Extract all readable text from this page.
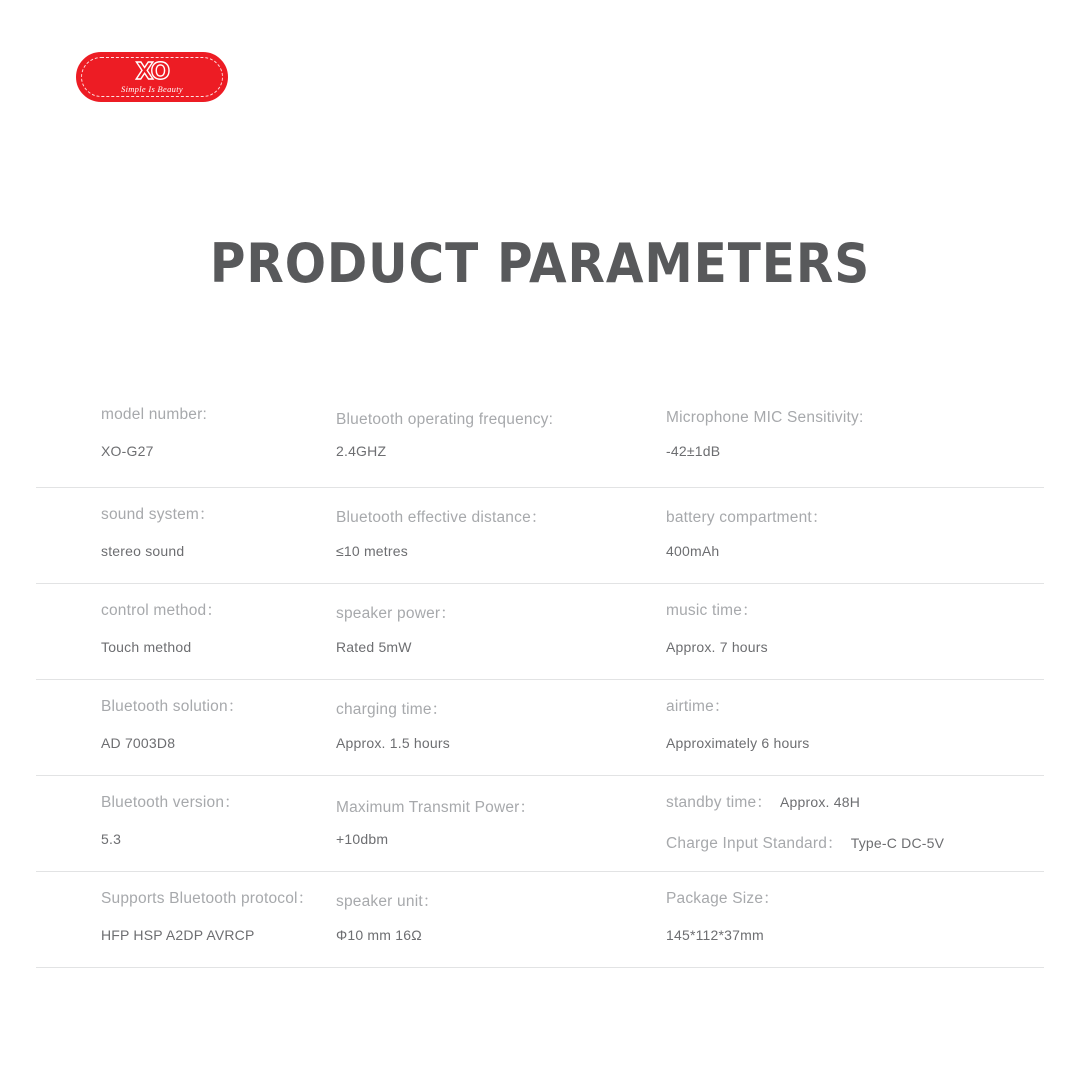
XO
Simple Is Beauty
PRODUCT PARAMETERS
model number:
XO-G27
Bluetooth operating frequency:
2.4GHZ
Microphone MIC Sensitivity:
-42±1dB
sound system：
stereo sound
Bluetooth effective distance：
≤10 metres
battery compartment：
400mAh
control method：
Touch method
speaker power：
Rated 5mW
music time：
Approx. 7 hours
Bluetooth solution：
AD 7003D8
charging time：
Approx. 1.5 hours
airtime：
Approximately 6 hours
Bluetooth version：
5.3
Maximum Transmit Power：
+10dbm
standby time： Approx. 48H
Charge Input Standard： Type-C DC-5V
Supports Bluetooth protocol：
HFP HSP A2DP AVRCP
speaker unit：
Φ10 mm 16Ω
Package Size：
145*112*37mm
